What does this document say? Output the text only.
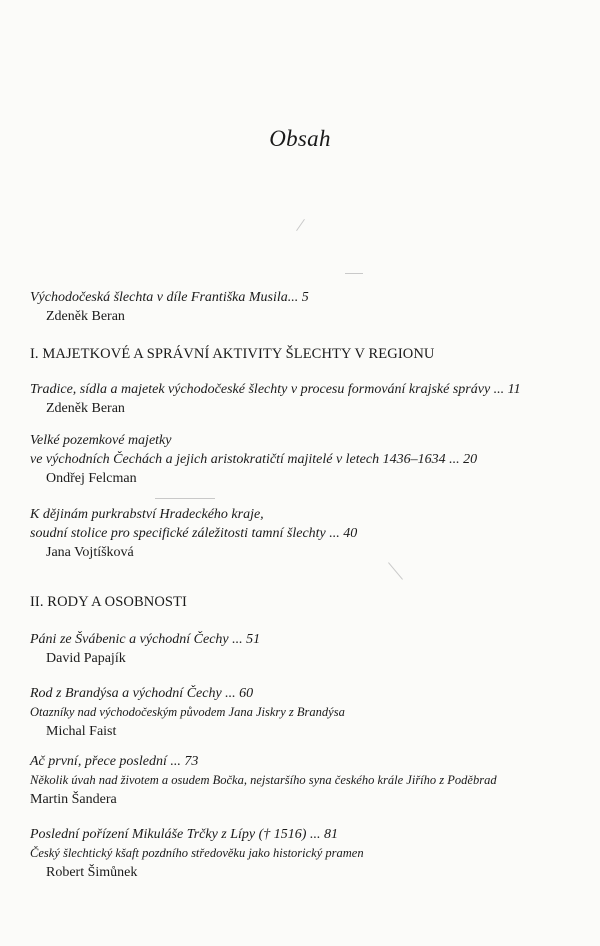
Obsah
Východočeská šlechta v díle Františka Musila... 5
Zdeněk Beran
I. MAJETKOVÉ A SPRÁVNÍ AKTIVITY ŠLECHTY V REGIONU
Tradice, sídla a majetek východočeské šlechty v procesu formování krajské správy ... 11
Zdeněk Beran
Velké pozemkové majetky
ve východních Čechách a jejich aristokratičtí majitelé v letech 1436–1634 ... 20
Ondřej Felcman
K dějinám purkrabství Hradeckého kraje,
soudní stolice pro specifické záležitosti tamní šlechty ... 40
Jana Vojtíšková
II. RODY A OSOBNOSTI
Páni ze Švábenic a východní Čechy ... 51
David Papajík
Rod z Brandýsa a východní Čechy ... 60
Otazníky nad východočeským původem Jana Jiskry z Brandýsa
Michal Faist
Ač první, přece poslední ... 73
Několik úvah nad životem a osudem Bočka, nejstaršího syna českého krále Jiřího z Poděbrad
Martin Šandera
Poslední pořízení Mikuláše Trčky z Lípy († 1516) ... 81
Český šlechtický kšaft pozdního středověku jako historický pramen
Robert Šimůnek
